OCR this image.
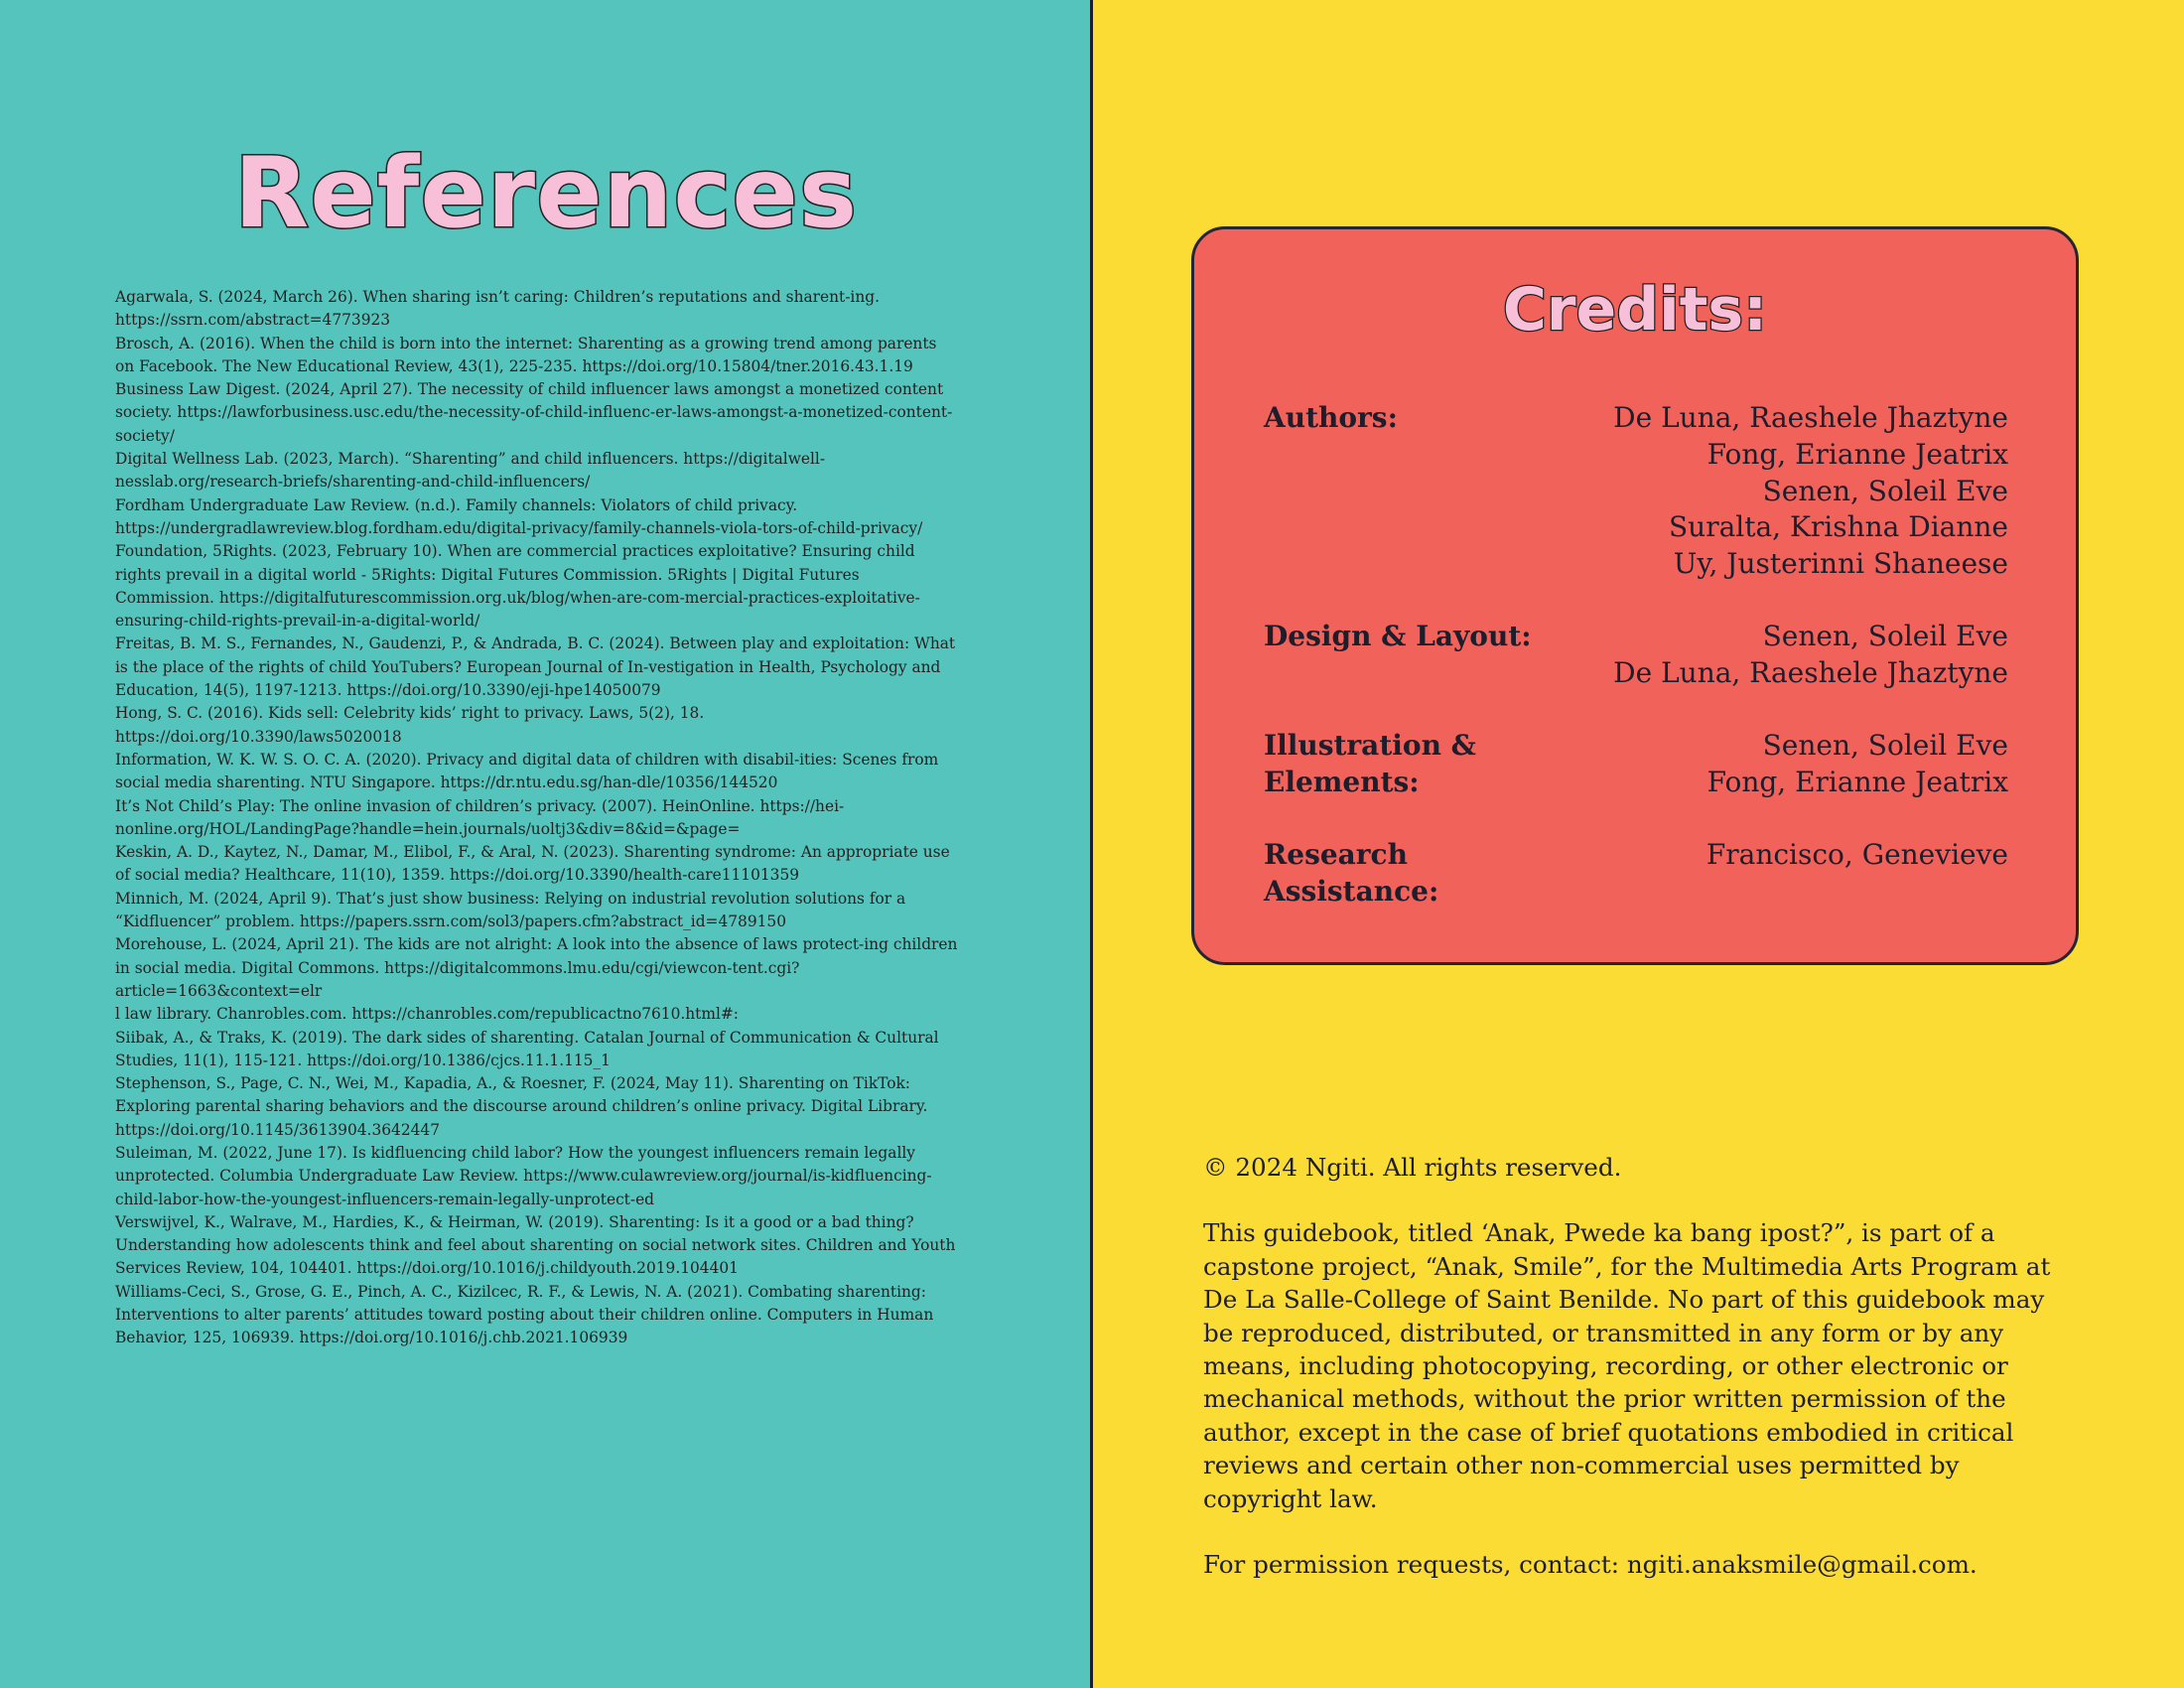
References
Agarwala, S. (2024, March 26). When sharing isn’t caring: Children’s reputations and sharent-ing. https://ssrn.com/abstract=4773923
Brosch, A. (2016). When the child is born into the internet: Sharenting as a growing trend among parents on Facebook. The New Educational Review, 43(1), 225-235. https://doi.org/10.15804/tner.2016.43.1.19
Business Law Digest. (2024, April 27). The necessity of child influencer laws amongst a monetized content society. https://lawforbusiness.usc.edu/the-necessity-of-child-influenc-er-laws-amongst-a-monetized-content-society/
Digital Wellness Lab. (2023, March). “Sharenting” and child influencers. https://digitalwell-nesslab.org/research-briefs/sharenting-and-child-influencers/
Fordham Undergraduate Law Review. (n.d.). Family channels: Violators of child privacy. https://undergradlawreview.blog.fordham.edu/digital-privacy/family-channels-viola-tors-of-child-privacy/
Foundation, 5Rights. (2023, February 10). When are commercial practices exploitative? Ensuring child rights prevail in a digital world - 5Rights: Digital Futures Commission. 5Rights | Digital Futures Commission. https://digitalfuturescommission.org.uk/blog/when-are-com-mercial-practices-exploitative-ensuring-child-rights-prevail-in-a-digital-world/
Freitas, B. M. S., Fernandes, N., Gaudenzi, P., & Andrada, B. C. (2024). Between play and exploitation: What is the place of the rights of child YouTubers? European Journal of In-vestigation in Health, Psychology and Education, 14(5), 1197-1213. https://doi.org/10.3390/eji-hpe14050079
Hong, S. C. (2016). Kids sell: Celebrity kids’ right to privacy. Laws, 5(2), 18. https://doi.org/10.3390/laws5020018
Information, W. K. W. S. O. C. A. (2020). Privacy and digital data of children with disabil-ities: Scenes from social media sharenting. NTU Singapore. https://dr.ntu.edu.sg/han-dle/10356/144520
It’s Not Child’s Play: The online invasion of children’s privacy. (2007). HeinOnline. https://hei-nonline.org/HOL/LandingPage?handle=hein.journals/uoltj3&div=8&id=&page=
Keskin, A. D., Kaytez, N., Damar, M., Elibol, F., & Aral, N. (2023). Sharenting syndrome: An appropriate use of social media? Healthcare, 11(10), 1359. https://doi.org/10.3390/health-care11101359
Minnich, M. (2024, April 9). That’s just show business: Relying on industrial revolution solutions for a “Kidfluencer” problem. https://papers.ssrn.com/sol3/papers.cfm?abstract_id=4789150
Morehouse, L. (2024, April 21). The kids are not alright: A look into the absence of laws protect-ing children in social media. Digital Commons. https://digitalcommons.lmu.edu/cgi/viewcon-tent.cgi?article=1663&context=elr
l law library. Chanrobles.com. https://chanrobles.com/republicactno7610.html#:
Siibak, A., & Traks, K. (2019). The dark sides of sharenting. Catalan Journal of Communication & Cultural Studies, 11(1), 115-121. https://doi.org/10.1386/cjcs.11.1.115_1
Stephenson, S., Page, C. N., Wei, M., Kapadia, A., & Roesner, F. (2024, May 11). Sharenting on TikTok: Exploring parental sharing behaviors and the discourse around children’s online privacy. Digital Library. https://doi.org/10.1145/3613904.3642447
Suleiman, M. (2022, June 17). Is kidfluencing child labor? How the youngest influencers remain legally unprotected. Columbia Undergraduate Law Review. https://www.culawreview.org/journal/is-kidfluencing-child-labor-how-the-youngest-influencers-remain-legally-unprotect-ed
Verswijvel, K., Walrave, M., Hardies, K., & Heirman, W. (2019). Sharenting: Is it a good or a bad thing? Understanding how adolescents think and feel about sharenting on social network sites. Children and Youth Services Review, 104, 104401. https://doi.org/10.1016/j.childyouth.2019.104401
Williams-Ceci, S., Grose, G. E., Pinch, A. C., Kizilcec, R. F., & Lewis, N. A. (2021). Combating sharenting: Interventions to alter parents’ attitudes toward posting about their children online. Computers in Human Behavior, 125, 106939. https://doi.org/10.1016/j.chb.2021.106939
Credits:
Authors:	De Luna, Raeshele Jhaztyne
Fong, Erianne Jeatrix
Senen, Soleil Eve
Suralta, Krishna Dianne
Uy, Justerinni Shaneese
Design & Layout:	Senen, Soleil Eve
De Luna, Raeshele Jhaztyne
Illustration & Elements:
Senen, Soleil Eve
Fong, Erianne Jeatrix
Research Assistance:
Francisco, Genevieve

© 2024 Ngiti. All rights reserved.

This guidebook, titled ‘Anak, Pwede ka bang ipost?”, is part of a capstone project, “Anak, Smile”, for the Multimedia Arts Program at De La Salle-College of Saint Benilde. No part of this guidebook may be reproduced, distributed, or transmitted in any form or by any means, including photocopying, recording, or other electronic or mechanical methods, without the prior written permission of the author, except in the case of brief quotations embodied in critical reviews and certain other non-commercial uses permitted by copyright law.

For permission requests, contact: ngiti.anaksmile@gmail.com.
